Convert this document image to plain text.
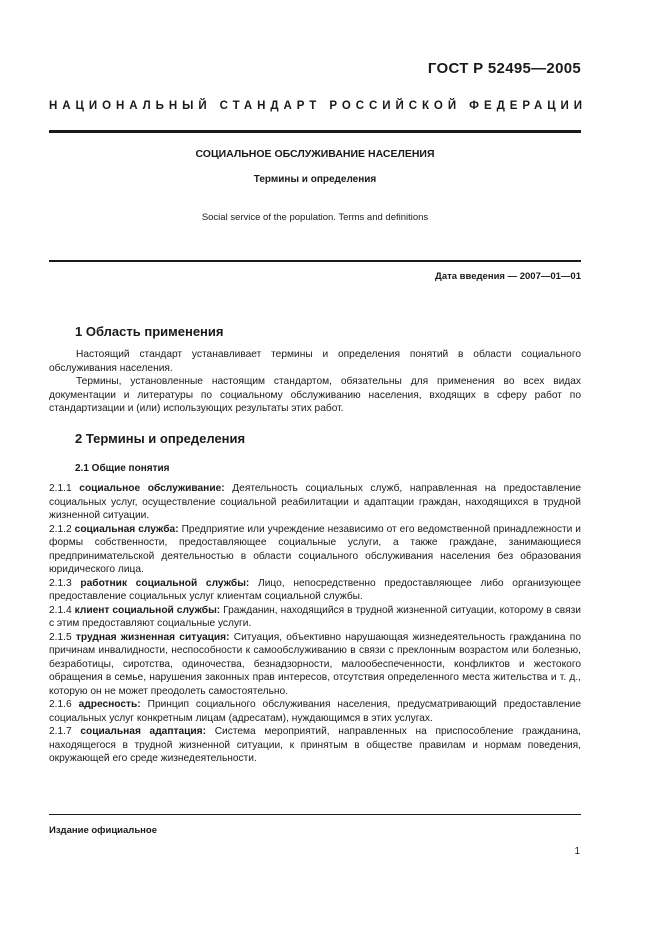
ГОСТ Р 52495—2005
НАЦИОНАЛЬНЫЙ СТАНДАРТ РОССИЙСКОЙ ФЕДЕРАЦИИ
СОЦИАЛЬНОЕ ОБСЛУЖИВАНИЕ НАСЕЛЕНИЯ
Термины и определения
Social service of the population. Terms and definitions
Дата введения — 2007—01—01
1 Область применения
Настоящий стандарт устанавливает термины и определения понятий в области социального обслуживания населения.
Термины, установленные настоящим стандартом, обязательны для применения во всех видах документации и литературы по социальному обслуживанию населения, входящих в сферу работ по стандартизации и (или) использующих результаты этих работ.
2 Термины и определения
2.1 Общие понятия
2.1.1 социальное обслуживание: Деятельность социальных служб, направленная на предоставление социальных услуг, осуществление социальной реабилитации и адаптации граждан, находящихся в трудной жизненной ситуации.
2.1.2 социальная служба: Предприятие или учреждение независимо от его ведомственной принадлежности и формы собственности, предоставляющее социальные услуги, а также граждане, занимающиеся предпринимательской деятельностью в области социального обслуживания населения без образования юридического лица.
2.1.3 работник социальной службы: Лицо, непосредственно предоставляющее либо организующее предоставление социальных услуг клиентам социальной службы.
2.1.4 клиент социальной службы: Гражданин, находящийся в трудной жизненной ситуации, которому в связи с этим предоставляют социальные услуги.
2.1.5 трудная жизненная ситуация: Ситуация, объективно нарушающая жизнедеятельность гражданина по причинам инвалидности, неспособности к самообслуживанию в связи с преклонным возрастом или болезнью, безработицы, сиротства, одиночества, безнадзорности, малообеспеченности, конфликтов и жестокого обращения в семье, нарушения законных прав интересов, отсутствия определенного места жительства и т. д., которую он не может преодолеть самостоятельно.
2.1.6 адресность: Принцип социального обслуживания населения, предусматривающий предоставление социальных услуг конкретным лицам (адресатам), нуждающимся в этих услугах.
2.1.7 социальная адаптация: Система мероприятий, направленных на приспособление гражданина, находящегося в трудной жизненной ситуации, к принятым в обществе правилам и нормам поведения, окружающей его среде жизнедеятельности.
Издание официальное
1
